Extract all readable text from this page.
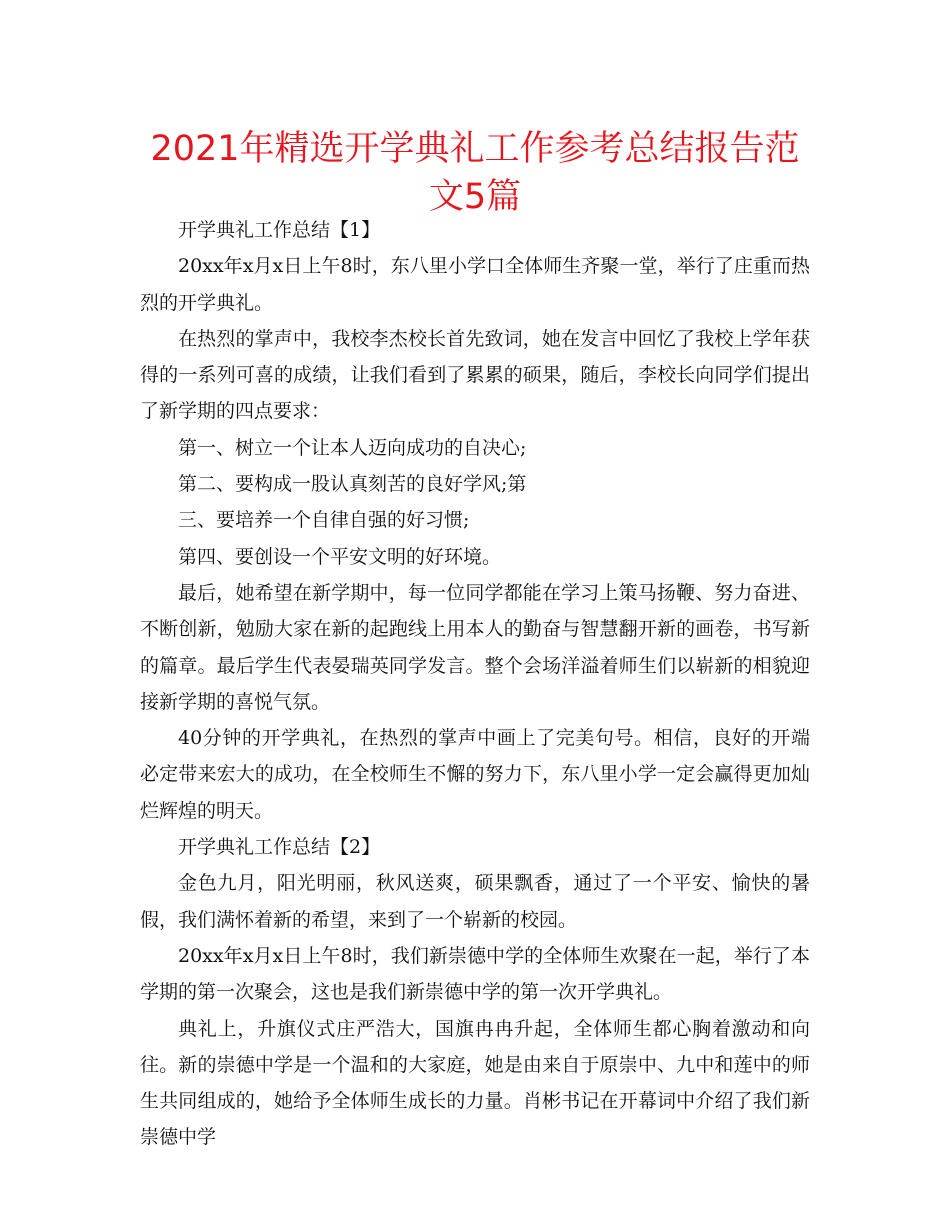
2021年精选开学典礼工作参考总结报告范文5篇

开学典礼工作总结【1】

20xx年x月x日上午8时，东八里小学口全体师生齐聚一堂，举行了庄重而热烈的开学典礼。

在热烈的掌声中，我校李杰校长首先致词，她在发言中回忆了我校上学年获得的一系列可喜的成绩，让我们看到了累累的硕果，随后，李校长向同学们提出了新学期的四点要求：

第一、树立一个让本人迈向成功的自决心;

第二、要构成一股认真刻苦的良好学风;第

三、要培养一个自律自强的好习惯;

第四、要创设一个平安文明的好环境。

最后，她希望在新学期中，每一位同学都能在学习上策马扬鞭、努力奋进、不断创新，勉励大家在新的起跑线上用本人的勤奋与智慧翻开新的画卷，书写新的篇章。最后学生代表晏瑞英同学发言。整个会场洋溢着师生们以崭新的相貌迎接新学期的喜悦气氛。

40分钟的开学典礼，在热烈的掌声中画上了完美句号。相信，良好的开端必定带来宏大的成功，在全校师生不懈的努力下，东八里小学一定会赢得更加灿烂辉煌的明天。

开学典礼工作总结【2】

金色九月，阳光明丽，秋风送爽，硕果飘香，通过了一个平安、愉快的暑假，我们满怀着新的希望，来到了一个崭新的校园。

20xx年x月x日上午8时，我们新崇德中学的全体师生欢聚在一起，举行了本学期的第一次聚会，这也是我们新崇德中学的第一次开学典礼。

典礼上，升旗仪式庄严浩大，国旗冉冉升起，全体师生都心胸着激动和向往。新的崇德中学是一个温和的大家庭，她是由来自于原崇中、九中和莲中的师生共同组成的，她给予全体师生成长的力量。肖彬书记在开幕词中介绍了我们新崇德中学
